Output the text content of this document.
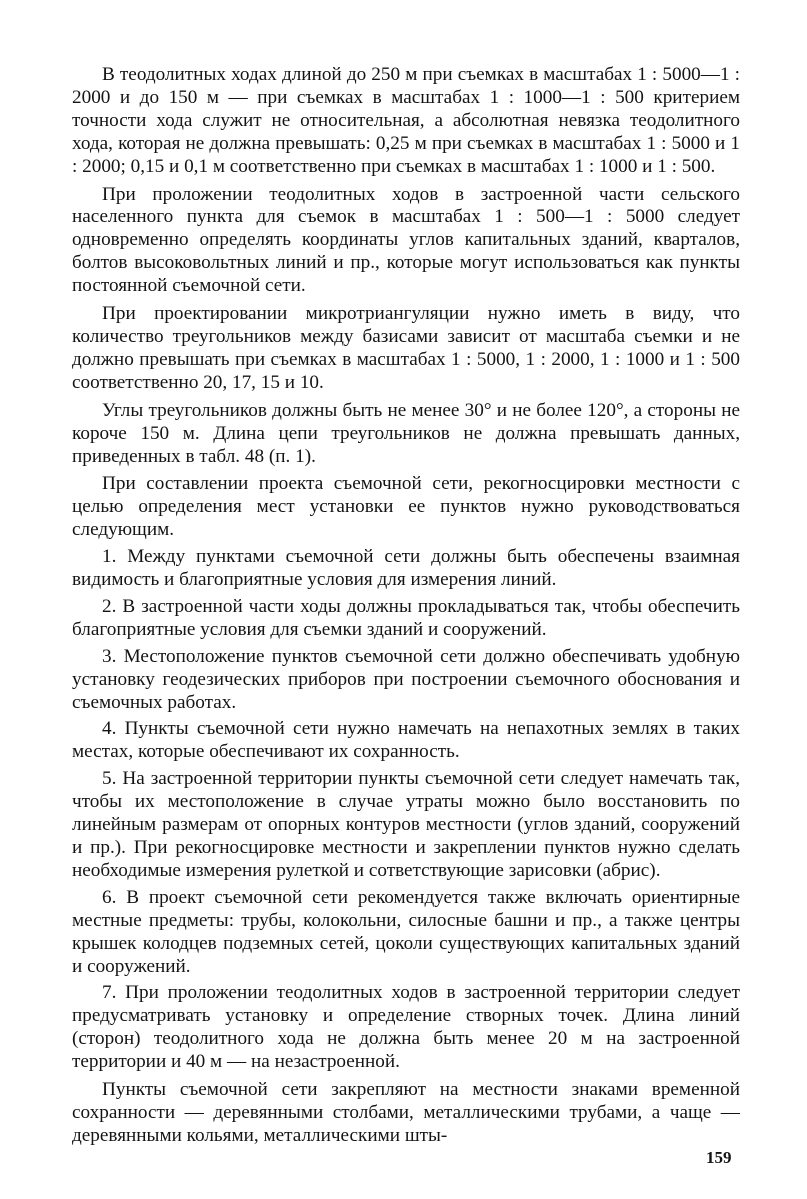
В теодолитных ходах длиной до 250 м при съемках в масштабах 1 : 5000—1 : 2000 и до 150 м — при съемках в масштабах 1 : 1000—1 : 500 критерием точности хода служит не относительная, а абсолютная невязка теодолитного хода, которая не должна превышать: 0,25 м при съемках в масштабах 1 : 5000 и 1 : 2000; 0,15 и 0,1 м соответственно при съемках в масштабах 1 : 1000 и 1 : 500.

При проложении теодолитных ходов в застроенной части сельского населенного пункта для съемок в масштабах 1 : 500—1 : 5000 следует одновременно определять координаты углов капитальных зданий, кварталов, болтов высоковольтных линий и пр., которые могут использоваться как пункты постоянной съемочной сети.

При проектировании микротриангуляции нужно иметь в виду, что количество треугольников между базисами зависит от масштаба съемки и не должно превышать при съемках в масштабах 1 : 5000, 1 : 2000, 1 : 1000 и 1 : 500 соответственно 20, 17, 15 и 10.

Углы треугольников должны быть не менее 30° и не более 120°, а стороны не короче 150 м. Длина цепи треугольников не должна превышать данных, приведенных в табл. 48 (п. 1).

При составлении проекта съемочной сети, рекогносцировки местности с целью определения мест установки ее пунктов нужно руководствоваться следующим.

1. Между пунктами съемочной сети должны быть обеспечены взаимная видимость и благоприятные условия для измерения линий.

2. В застроенной части ходы должны прокладываться так, чтобы обеспечить благоприятные условия для съемки зданий и сооружений.

3. Местоположение пунктов съемочной сети должно обеспечивать удобную установку геодезических приборов при построении съемочного обоснования и съемочных работах.

4. Пункты съемочной сети нужно намечать на непахотных землях в таких местах, которые обеспечивают их сохранность.

5. На застроенной территории пункты съемочной сети следует намечать так, чтобы их местоположение в случае утраты можно было восстановить по линейным размерам от опорных контуров местности (углов зданий, сооружений и пр.). При рекогносцировке местности и закреплении пунктов нужно сделать необходимые измерения рулеткой и сответствующие зарисовки (абрис).

6. В проект съемочной сети рекомендуется также включать ориентирные местные предметы: трубы, колокольни, силосные башни и пр., а также центры крышек колодцев подземных сетей, цоколи существующих капитальных зданий и сооружений.

7. При проложении теодолитных ходов в застроенной территории следует предусматривать установку и определение створных точек. Длина линий (сторон) теодолитного хода не должна быть менее 20 м на застроенной территории и 40 м — на незастроенной.

Пункты съемочной сети закрепляют на местности знаками временной сохранности — деревянными столбами, металлическими трубами, а чаще — деревянными кольями, металлическими шты-

159
